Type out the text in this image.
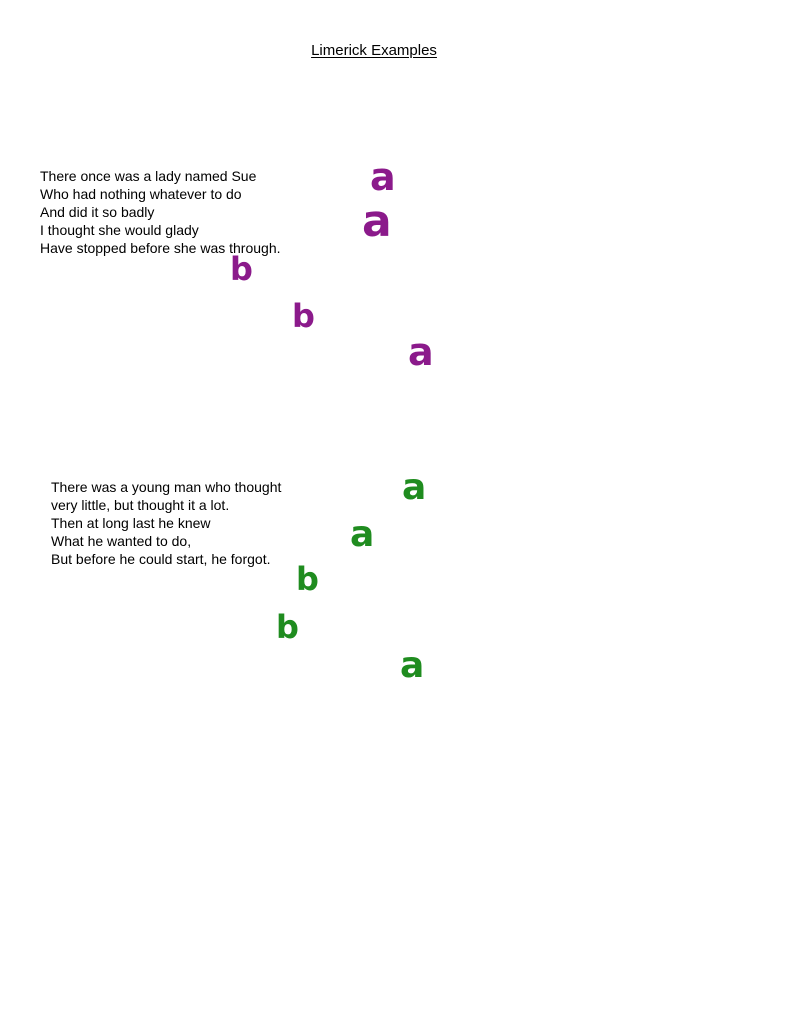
Limerick Examples
There once was a lady named Sue
Who had nothing whatever to do
And did it so badly
I thought she would glady
Have stopped before she was through.
a
a
b
b
a
There was a young man who thought
very little, but thought it a lot.
Then at long last he knew
What he wanted to do,
But before he could start, he forgot.
a
a
b
b
a
